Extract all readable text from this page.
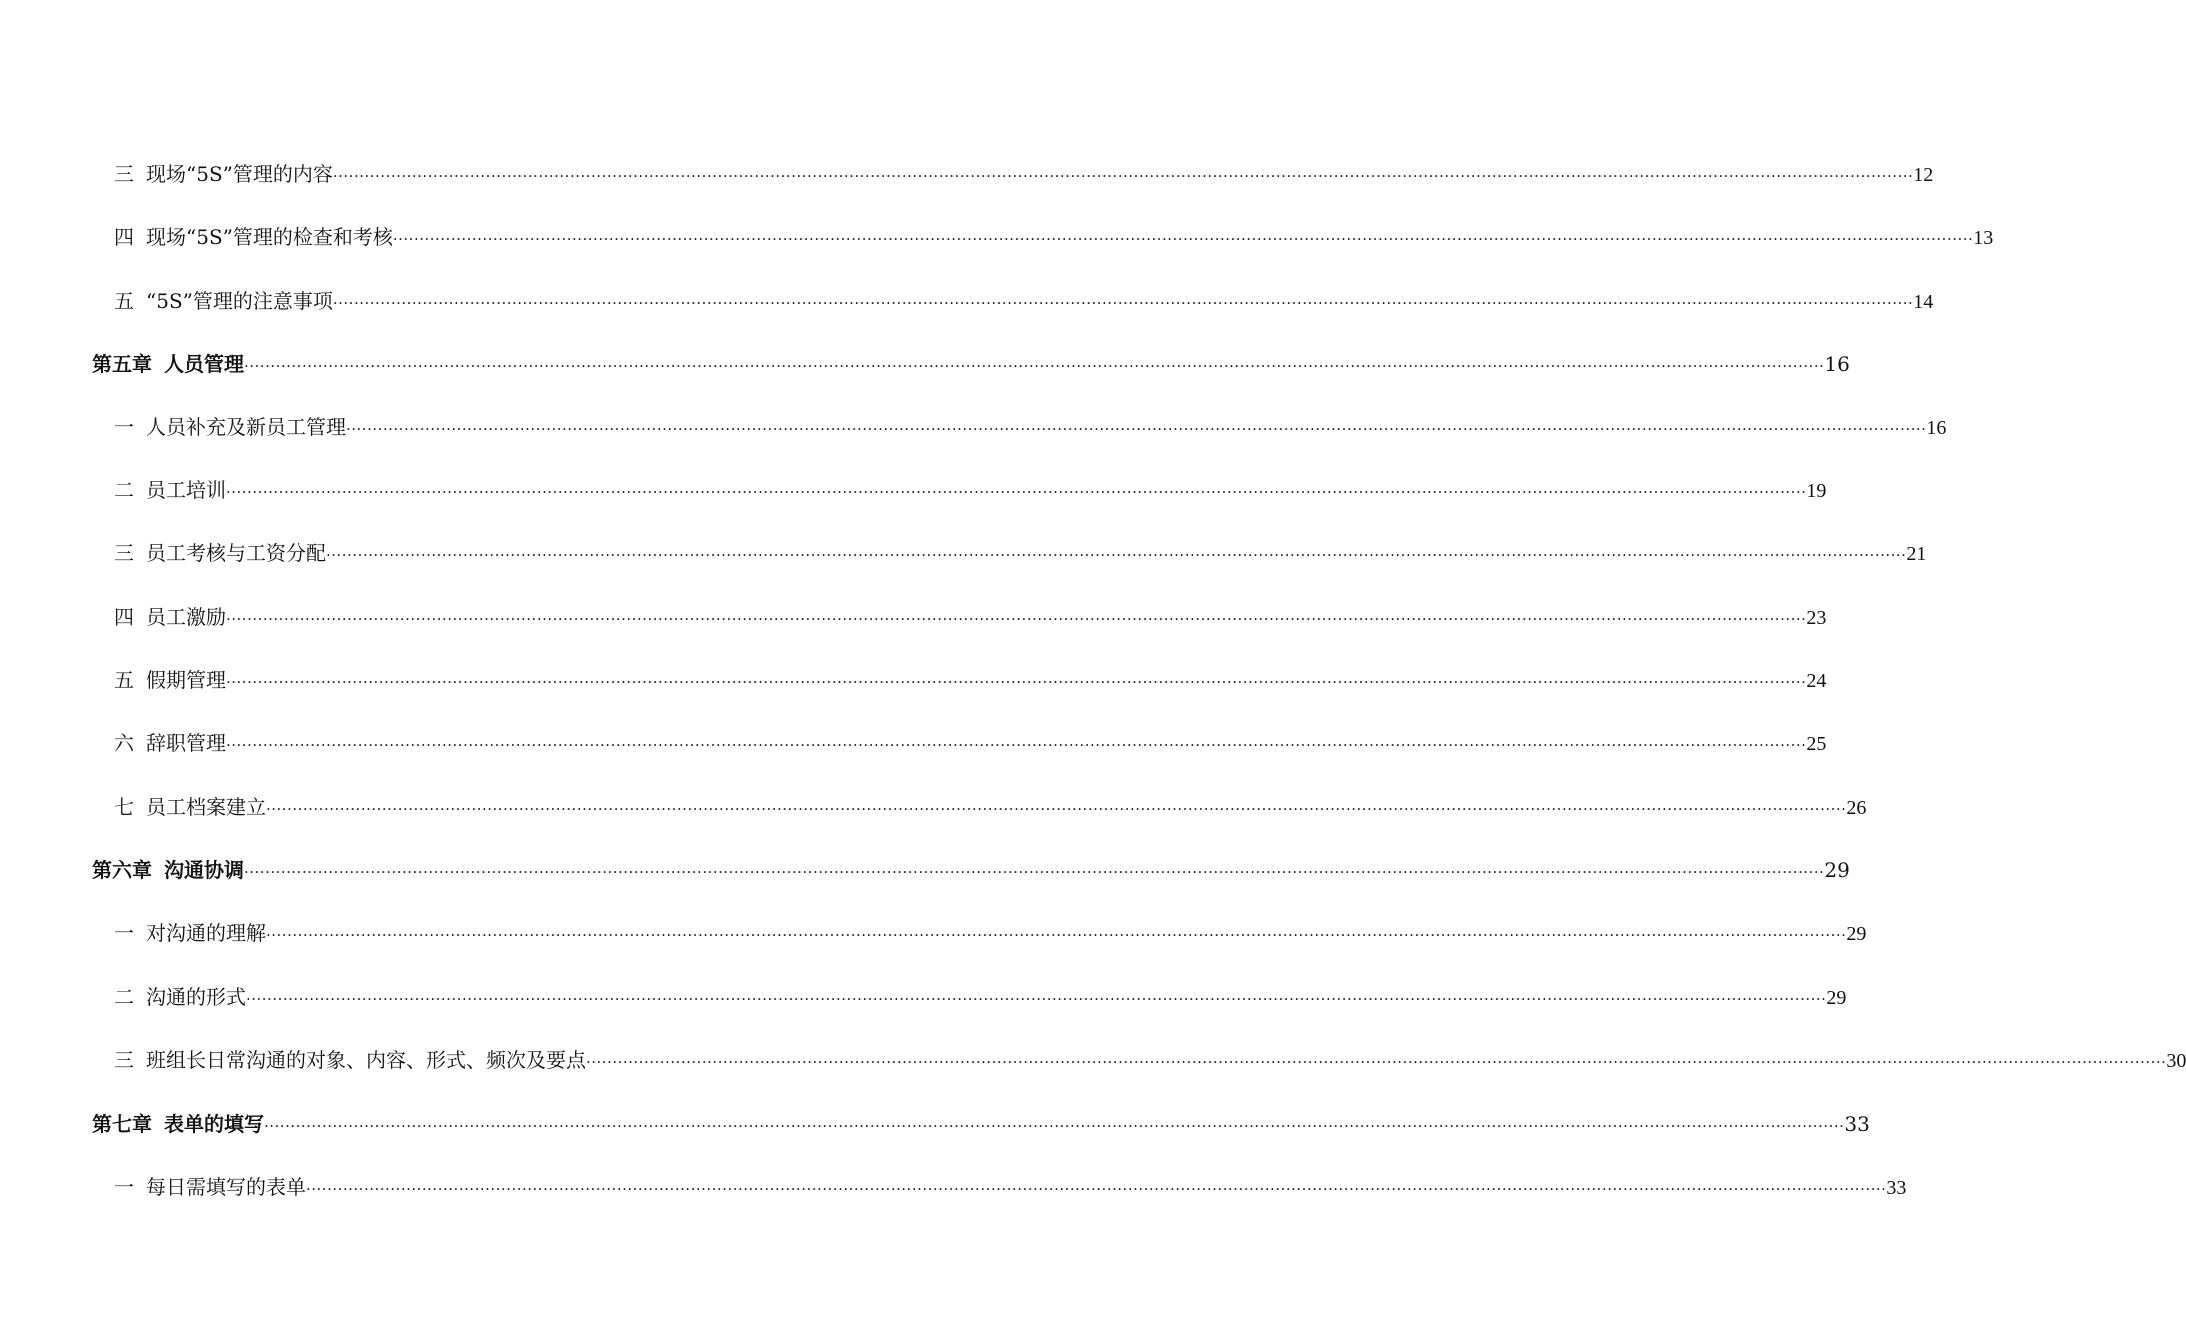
三 现场“5S”管理的内容 ············································································································································································································································································································ 12
四 现场“5S”管理的检查和考核 ············································································································································································································································································································ 13
五 “5S”管理的注意事项 ············································································································································································································································································································ 14
第五章 人员管理 ············································································································································································································································································································ 16
一 人员补充及新员工管理 ············································································································································································································································································································ 16
二 员工培训 ············································································································································································································································································································ 19
三 员工考核与工资分配 ············································································································································································································································································································ 21
四 员工激励 ············································································································································································································································································································ 23
五 假期管理 ············································································································································································································································································································ 24
六 辞职管理 ············································································································································································································································································································ 25
七 员工档案建立 ············································································································································································································································································································ 26
第六章 沟通协调 ············································································································································································································································································································ 29
一 对沟通的理解 ············································································································································································································································································································ 29
二 沟通的形式 ············································································································································································································································································································ 29
三 班组长日常沟通的对象、内容、形式、频次及要点 ············································································································································································································································································································ 30
第七章 表单的填写 ············································································································································································································································································································ 33
一 每日需填写的表单 ············································································································································································································································································································ 33
